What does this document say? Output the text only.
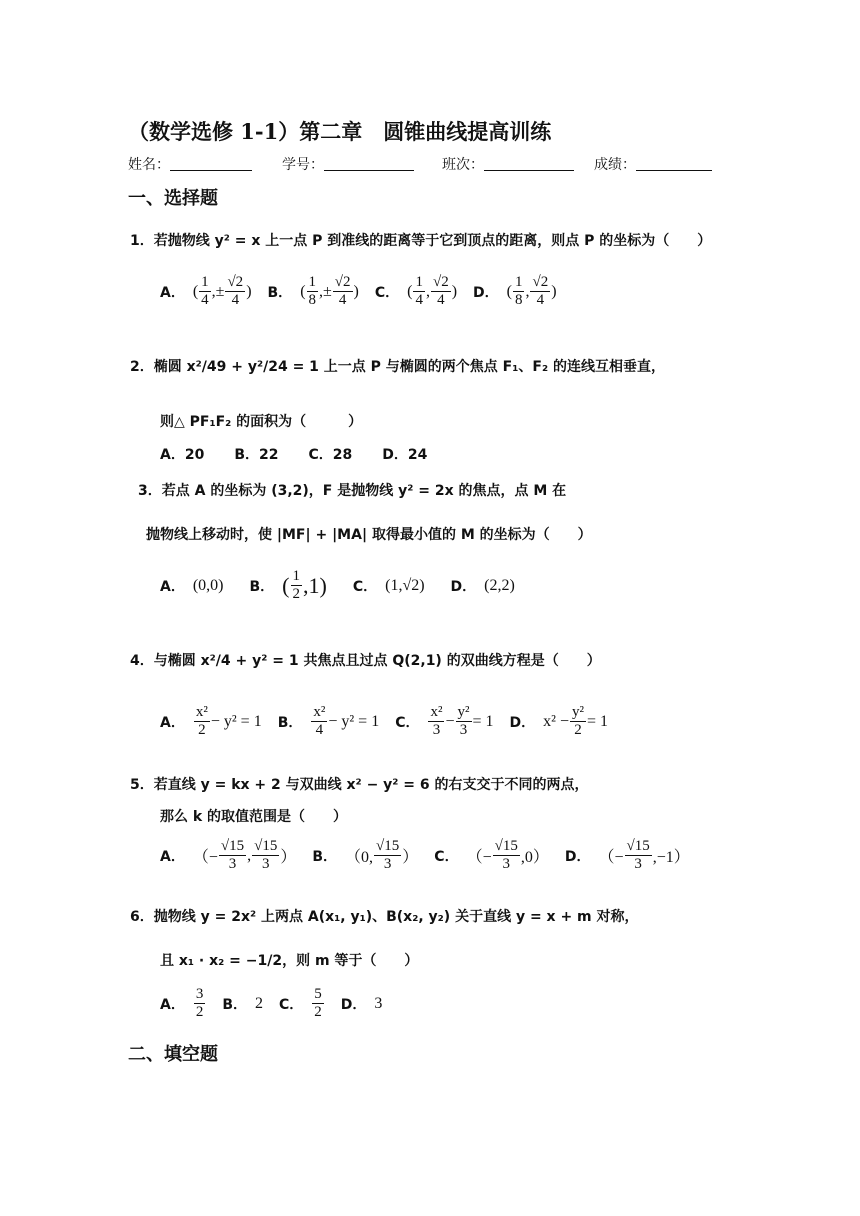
（数学选修 1-1）第二章　圆锥曲线提高训练
姓名：	学号：	班次：	成绩：
一、选择题
1．若抛物线 y² = x 上一点 P 到准线的距离等于它到顶点的距离，则点 P 的坐标为（　　）
A． ( $\frac{1}{4}$ ,± $\frac{√2}{4}$ ) B． ( $\frac{1}{8}$ ,± $\frac{√2}{4}$ ) C． ( $\frac{1}{4}$ , $\frac{√2}{4}$ ) D． ( $\frac{1}{8}$ , $\frac{√2}{4}$ )
2．椭圆 x²/49 + y²/24 = 1 上一点 P 与椭圆的两个焦点 F₁、F₂ 的连线互相垂直，
则△ PF₁F₂ 的面积为（　　　）
A．20 B．22 C．28 D．24
3．若点 A 的坐标为 (3,2)，F 是抛物线 y² = 2x 的焦点，点 M 在
抛物线上移动时，使 |MF| + |MA| 取得最小值的 M 的坐标为（　　）
A． (0,0) B． ( $\frac{1}{2} ,1$) C． (1,√2) D． (2,2)
4．与椭圆 x²/4 + y² = 1 共焦点且过点 Q(2,1) 的双曲线方程是（　　）
A． $\frac{\text{x²}}{2} - y^2 = 1$ B． $\frac{\text{x²}}{4} - y^2 = 1$ C． $\frac{\text{x²}}{3} - \frac{\text{y²}}{3} = 1$ D． $x^2 - \frac{\text{y²}}{2} = 1$
5．若直线 y = kx + 2 与双曲线 x² − y² = 6 的右支交于不同的两点，
那么 k 的取值范围是（　　）
A． （− $\frac{√15}{3}$ , $\frac{√15}{3}$ ） B． （0, $\frac{√15}{3}$ ） C． （− $\frac{√15}{3} ,0$） D． （− $\frac{√15}{3} ,-1$）
6．抛物线 y = 2x² 上两点 A(x₁, y₁)、B(x₂, y₂) 关于直线 y = x + m 对称，
且 x₁ · x₂ = −1/2，则 m 等于（　　）
A． $\frac{3}{2}$ B． 2 C． $\frac{5}{2}$ D． 3
二、填空题
